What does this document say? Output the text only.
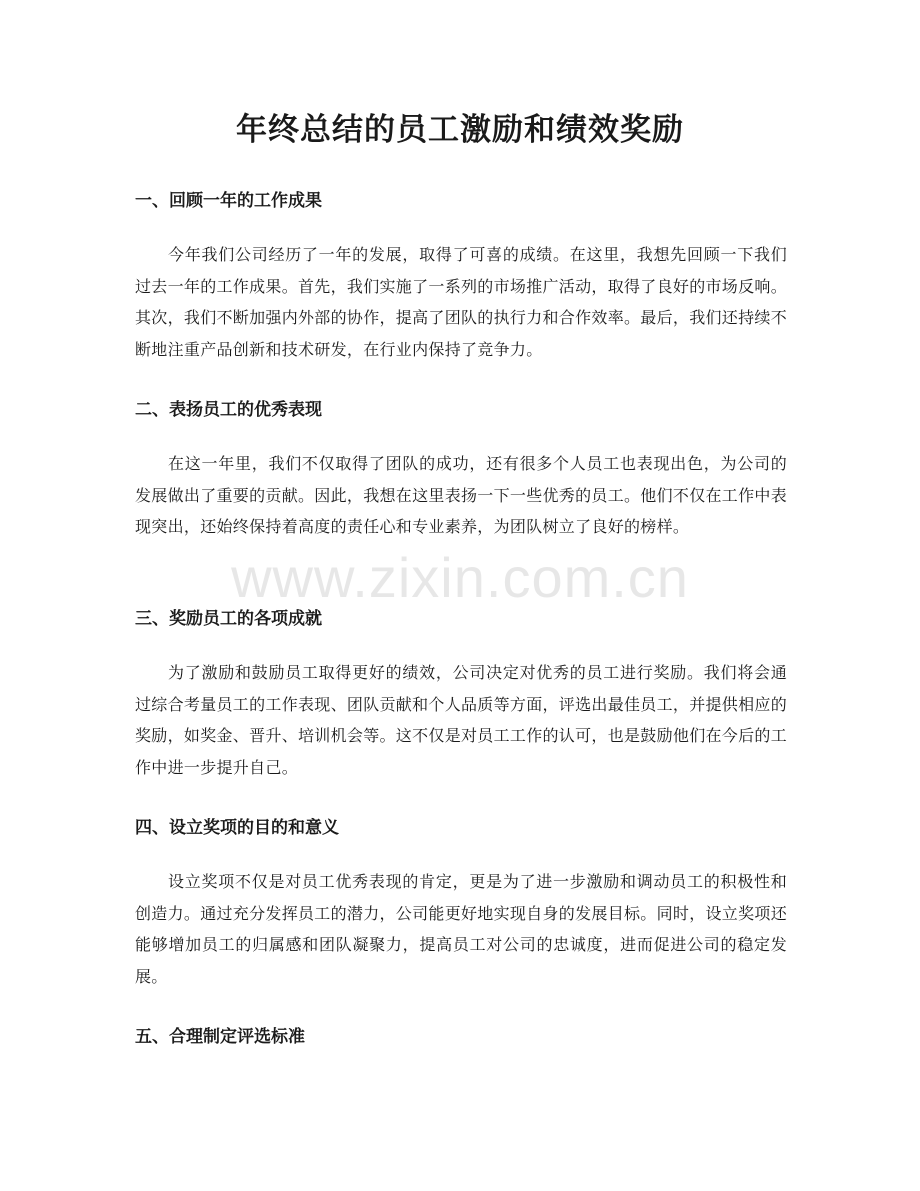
年终总结的员工激励和绩效奖励
一、回顾一年的工作成果

今年我们公司经历了一年的发展，取得了可喜的成绩。在这里，我想先回顾一下我们过去一年的工作成果。首先，我们实施了一系列的市场推广活动，取得了良好的市场反响。其次，我们不断加强内外部的协作，提高了团队的执行力和合作效率。最后，我们还持续不断地注重产品创新和技术研发，在行业内保持了竞争力。

二、表扬员工的优秀表现

在这一年里，我们不仅取得了团队的成功，还有很多个人员工也表现出色，为公司的发展做出了重要的贡献。因此，我想在这里表扬一下一些优秀的员工。他们不仅在工作中表现突出，还始终保持着高度的责任心和专业素养，为团队树立了良好的榜样。

三、奖励员工的各项成就

为了激励和鼓励员工取得更好的绩效，公司决定对优秀的员工进行奖励。我们将会通过综合考量员工的工作表现、团队贡献和个人品质等方面，评选出最佳员工，并提供相应的奖励，如奖金、晋升、培训机会等。这不仅是对员工工作的认可，也是鼓励他们在今后的工作中进一步提升自己。

四、设立奖项的目的和意义

设立奖项不仅是对员工优秀表现的肯定，更是为了进一步激励和调动员工的积极性和创造力。通过充分发挥员工的潜力，公司能更好地实现自身的发展目标。同时，设立奖项还能够增加员工的归属感和团队凝聚力，提高员工对公司的忠诚度，进而促进公司的稳定发展。

五、合理制定评选标准
www.zixin.com.cn
